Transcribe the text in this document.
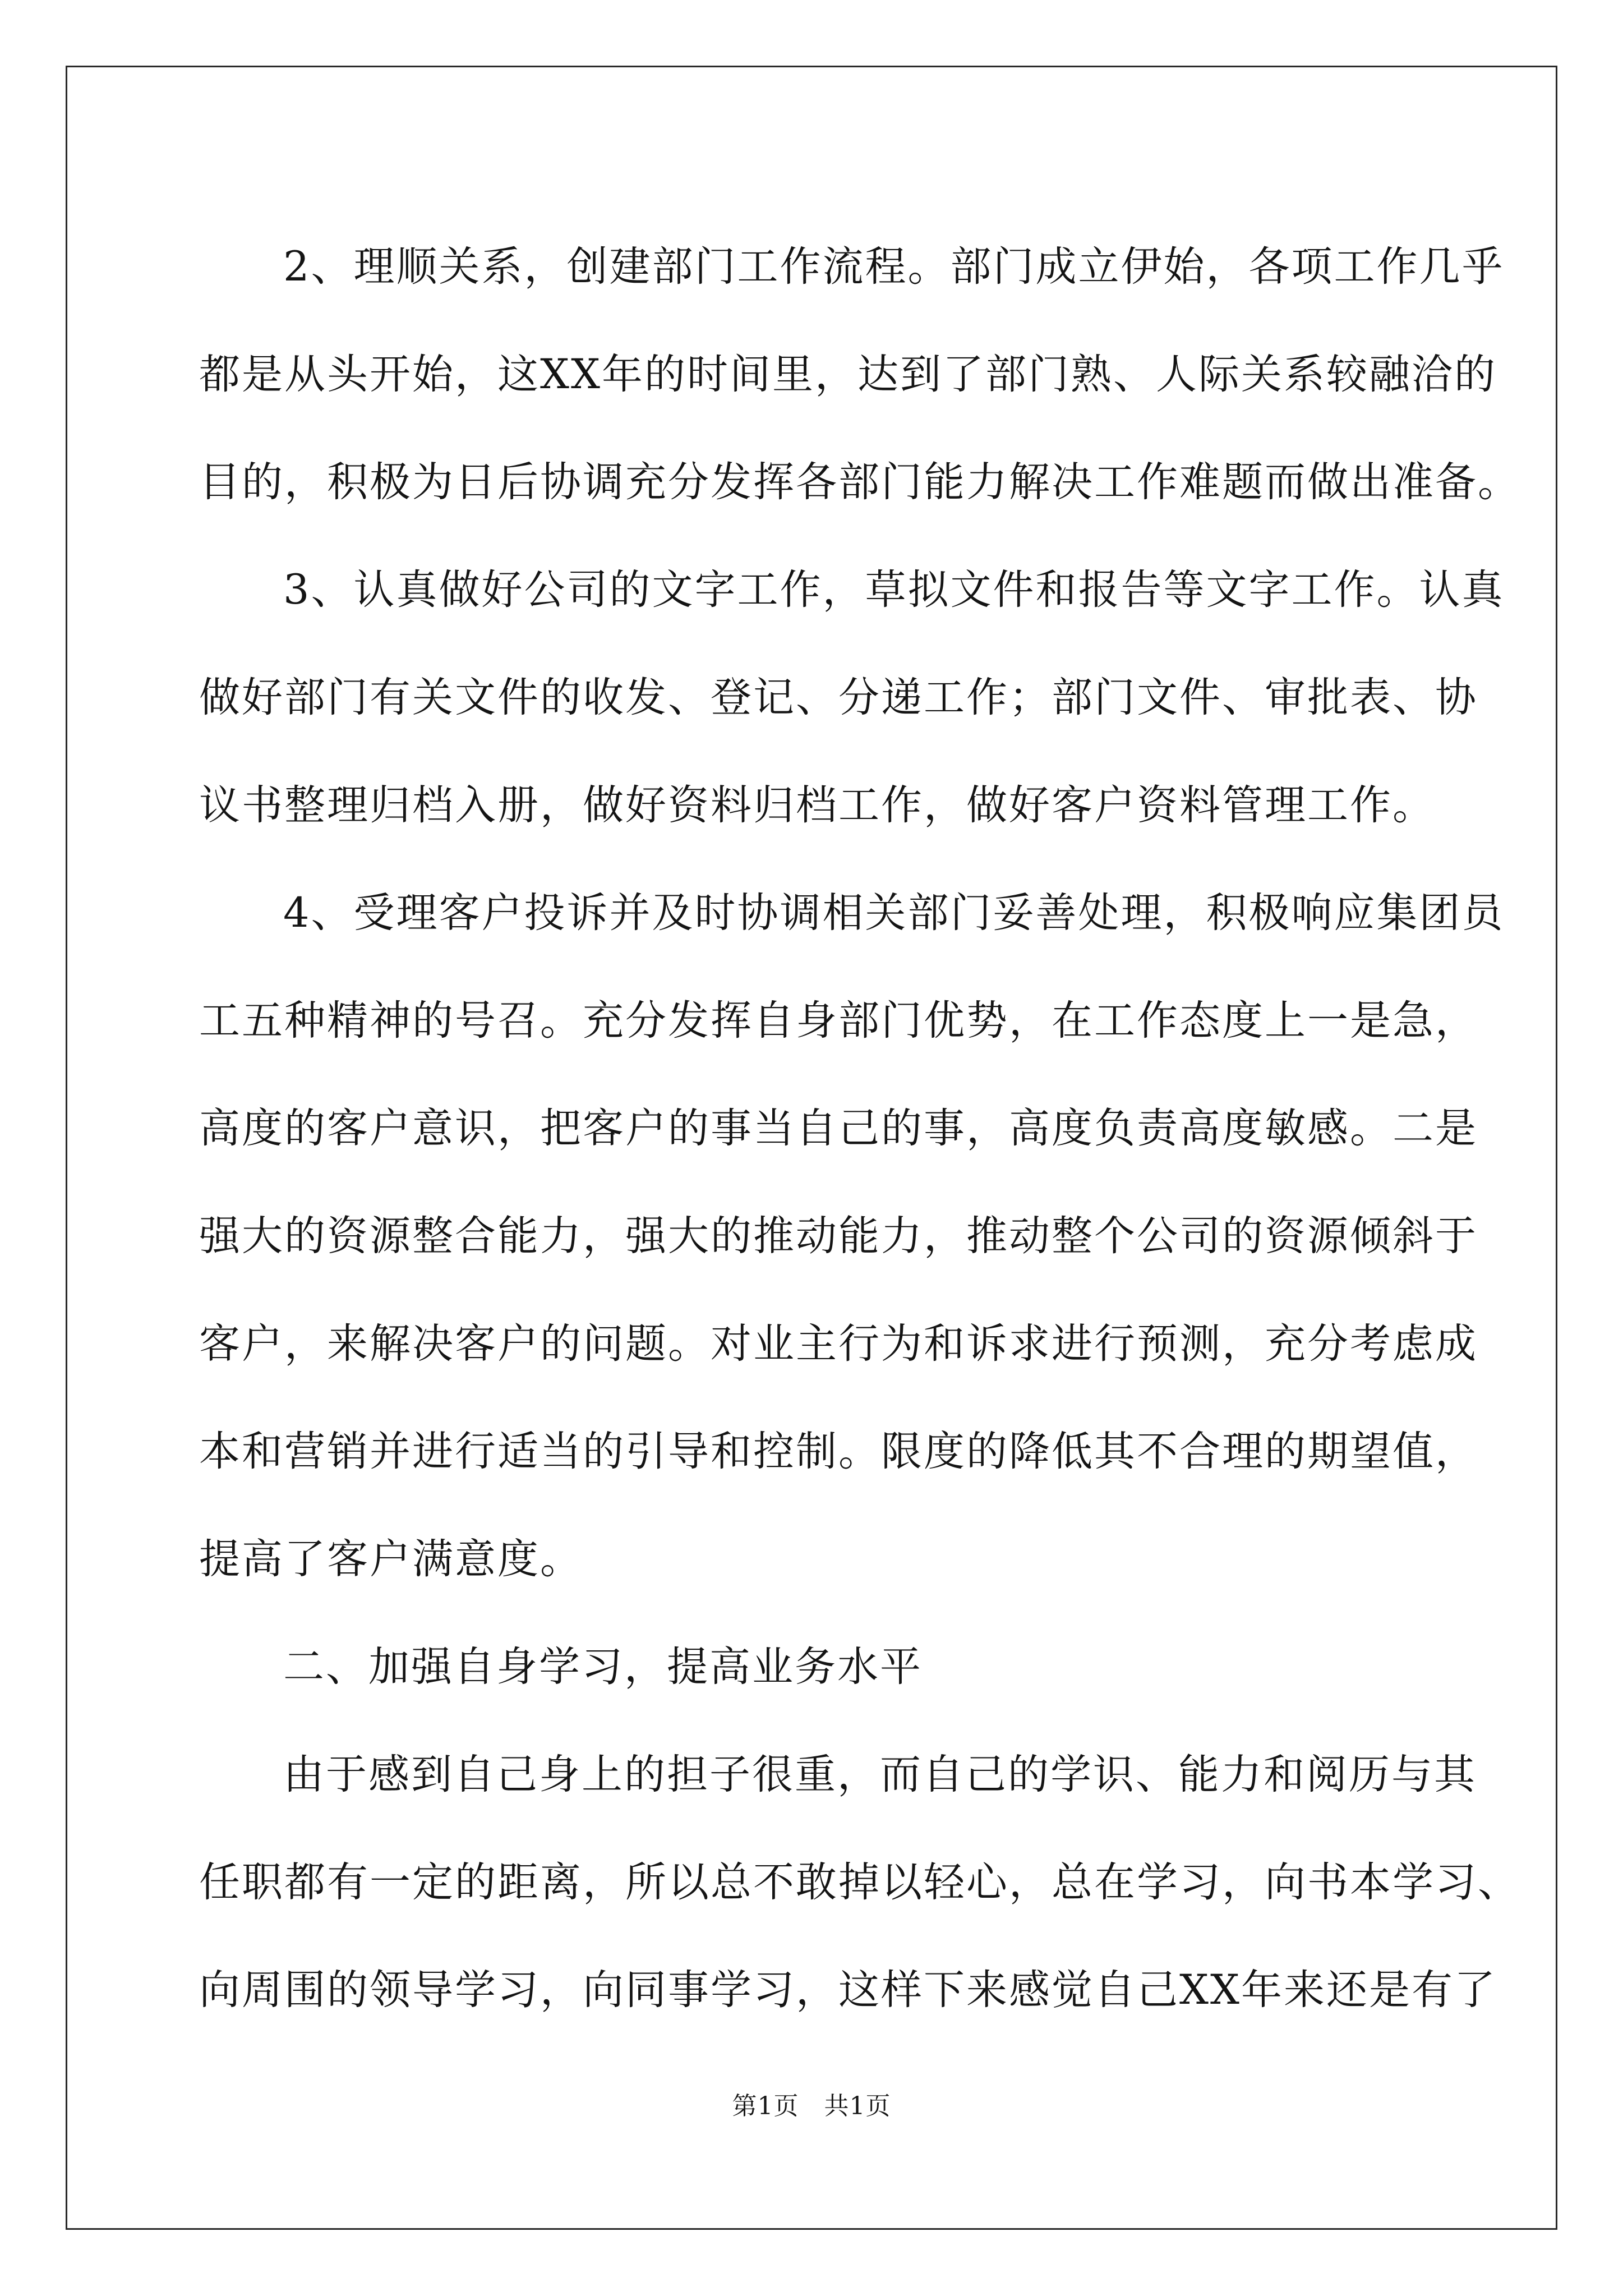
2、理顺关系，创建部门工作流程。部门成立伊始，各项工作几乎
都是从头开始，这XX年的时间里，达到了部门熟、人际关系较融洽的
目的，积极为日后协调充分发挥各部门能力解决工作难题而做出准备。
3、认真做好公司的文字工作，草拟文件和报告等文字工作。认真
做好部门有关文件的收发、登记、分递工作；部门文件、审批表、协
议书整理归档入册，做好资料归档工作，做好客户资料管理工作。
4、受理客户投诉并及时协调相关部门妥善处理，积极响应集团员
工五种精神的号召。充分发挥自身部门优势，在工作态度上一是急，
高度的客户意识，把客户的事当自己的事，高度负责高度敏感。二是
强大的资源整合能力，强大的推动能力，推动整个公司的资源倾斜于
客户，来解决客户的问题。对业主行为和诉求进行预测，充分考虑成
本和营销并进行适当的引导和控制。限度的降低其不合理的期望值，
提高了客户满意度。
二、加强自身学习，提高业务水平
由于感到自己身上的担子很重，而自己的学识、能力和阅历与其
任职都有一定的距离，所以总不敢掉以轻心，总在学习，向书本学习、
向周围的领导学习，向同事学习，这样下来感觉自己XX年来还是有了
第1页　共1页
